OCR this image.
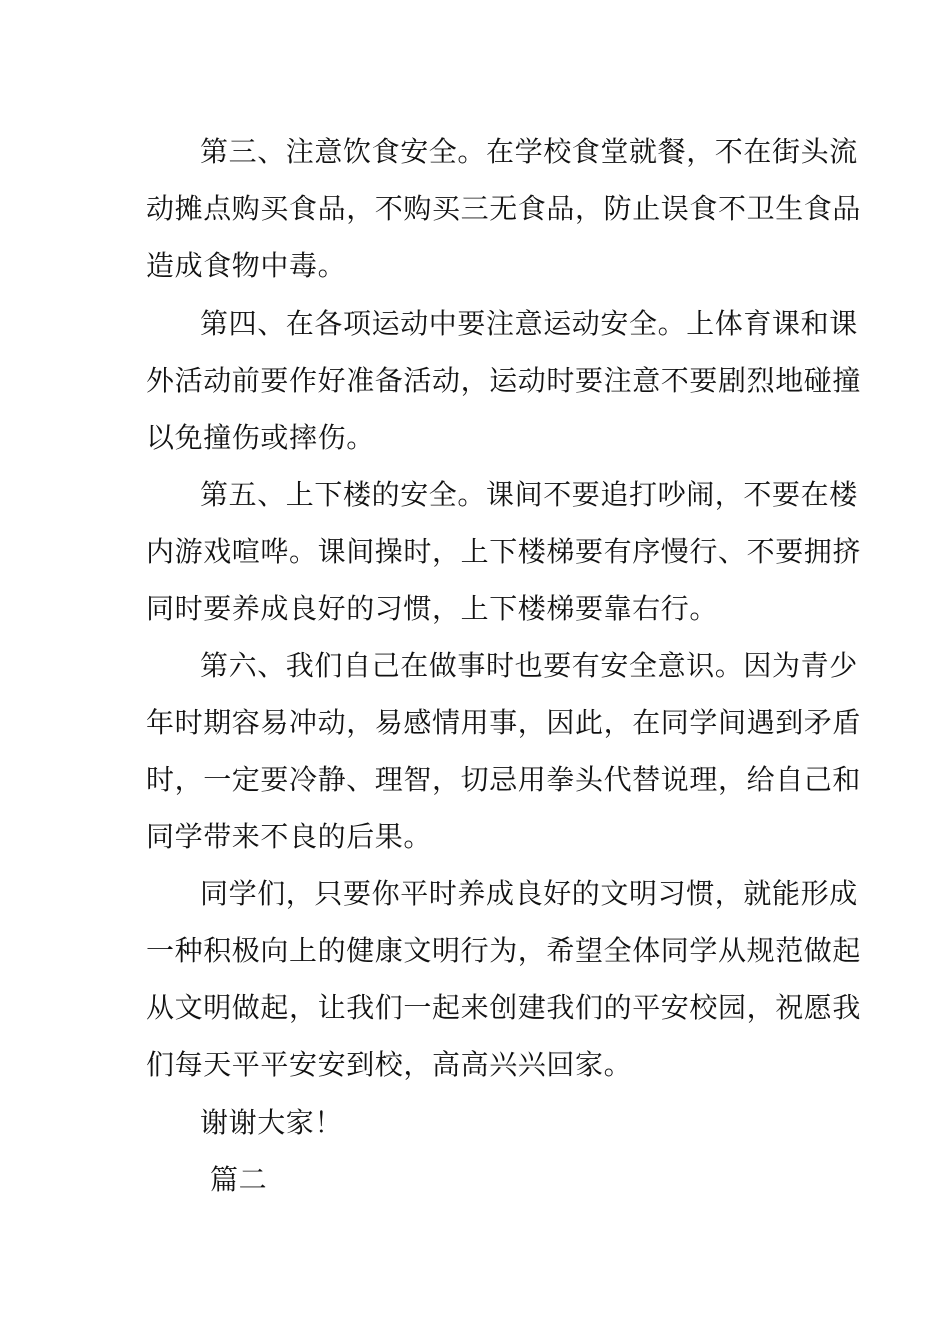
第三、注意饮食安全。在学校食堂就餐，不在街头流
动摊点购买食品，不购买三无食品，防止误食不卫生食品
造成食物中毒。
第四、在各项运动中要注意运动安全。上体育课和课
外活动前要作好准备活动，运动时要注意不要剧烈地碰撞
以免撞伤或摔伤。
第五、上下楼的安全。课间不要追打吵闹，不要在楼
内游戏喧哗。课间操时，上下楼梯要有序慢行、不要拥挤
同时要养成良好的习惯，上下楼梯要靠右行。
第六、我们自己在做事时也要有安全意识。因为青少
年时期容易冲动，易感情用事，因此，在同学间遇到矛盾
时，一定要冷静、理智，切忌用拳头代替说理，给自己和
同学带来不良的后果。
同学们，只要你平时养成良好的文明习惯，就能形成
一种积极向上的健康文明行为，希望全体同学从规范做起
从文明做起，让我们一起来创建我们的平安校园，祝愿我
们每天平平安安到校，高高兴兴回家。
谢谢大家！
篇二
